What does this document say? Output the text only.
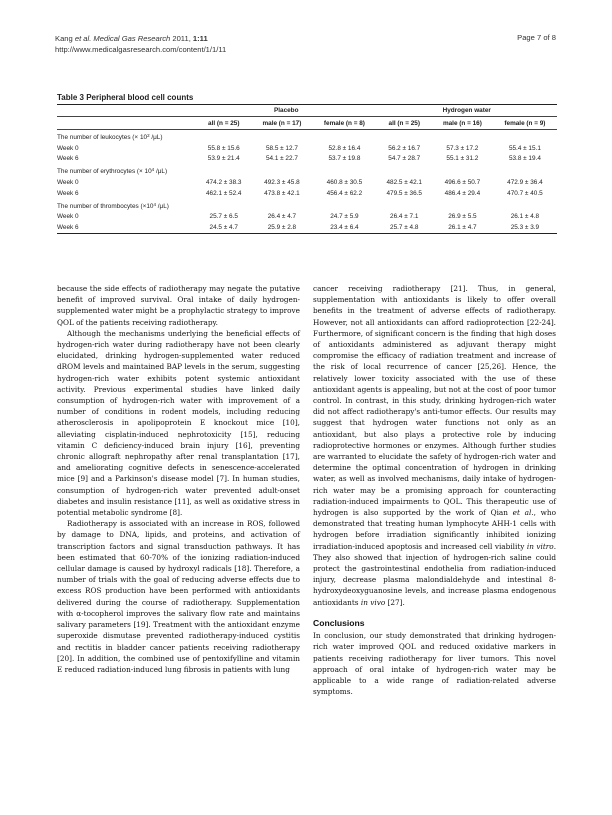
Kang et al. Medical Gas Research 2011, 1:11
http://www.medicalgasresearch.com/content/1/1/11
Page 7 of 8
Table 3 Peripheral blood cell counts
	Placebo			Hydrogen water		
	all (n = 25)	male (n = 17)	female (n = 8)	all (n = 25)	male (n = 16)	female (n = 9)
The number of leukocytes (× $10^2$ /μL)						
Week 0	55.8 ± 15.6	58.5 ± 12.7	52.8 ± 16.4	56.2 ± 16.7	57.3 ± 17.2	55.4 ± 15.1
Week 6	53.9 ± 21.4	54.1 ± 22.7	53.7 ± 19.8	54.7 ± 28.7	55.1 ± 31.2	53.8 ± 19.4
The number of erythrocytes (× $10^4$ /μL)						
Week 0	474.2 ± 38.3	492.3 ± 45.8	460.8 ± 30.5	482.5 ± 42.1	496.6 ± 50.7	472.9 ± 36.4
Week 6	462.1 ± 52.4	473.8 ± 42.1	456.4 ± 62.2	479.5 ± 36.5	486.4 ± 29.4	470.7 ± 40.5
The number of thrombocytes ($\times 10^4$ /μL)						
Week 0	25.7 ± 6.5	26.4 ± 4.7	24.7 ± 5.9	26.4 ± 7.1	26.9 ± 5.5	26.1 ± 4.8
Week 6	24.5 ± 4.7	25.9 ± 2.8	23.4 ± 6.4	25.7 ± 4.8	26.1 ± 4.7	25.3 ± 3.9

because the side effects of radiotherapy may negate the putative benefit of improved survival. Oral intake of daily hydrogen-supplemented water might be a prophylactic strategy to improve QOL of the patients receiving radiotherapy.

Although the mechanisms underlying the beneficial effects of hydrogen-rich water during radiotherapy have not been clearly elucidated, drinking hydrogen-supplemented water reduced dROM levels and maintained BAP levels in the serum, suggesting hydrogen-rich water exhibits potent systemic antioxidant activity. Previous experimental studies have linked daily consumption of hydrogen-rich water with improvement of a number of conditions in rodent models, including reducing atherosclerosis in apolipoprotein E knockout mice [10], alleviating cisplatin-induced nephrotoxicity [15], reducing vitamin C deficiency-induced brain injury [16], preventing chronic allograft nephropathy after renal transplantation [17], and ameliorating cognitive defects in senescence-accelerated mice [9] and a Parkinson's disease model [7]. In human studies, consumption of hydrogen-rich water prevented adult-onset diabetes and insulin resistance [11], as well as oxidative stress in potential metabolic syndrome [8].

Radiotherapy is associated with an increase in ROS, followed by damage to DNA, lipids, and proteins, and activation of transcription factors and signal transduction pathways. It has been estimated that 60-70% of the ionizing radiation-induced cellular damage is caused by hydroxyl radicals [18]. Therefore, a number of trials with the goal of reducing adverse effects due to excess ROS production have been performed with antioxidants delivered during the course of radiotherapy. Supplementation with α-tocopherol improves the salivary flow rate and maintains salivary parameters [19]. Treatment with the antioxidant enzyme superoxide dismutase prevented radiotherapy-induced cystitis and rectitis in bladder cancer patients receiving radiotherapy [20]. In addition, the combined use of pentoxifylline and vitamin E reduced radiation-induced lung fibrosis in patients with lung

cancer receiving radiotherapy [21]. Thus, in general, supplementation with antioxidants is likely to offer overall benefits in the treatment of adverse effects of radiotherapy. However, not all antioxidants can afford radioprotection [22-24]. Furthermore, of significant concern is the finding that high doses of antioxidants administered as adjuvant therapy might compromise the efficacy of radiation treatment and increase of the risk of local recurrence of cancer [25,26]. Hence, the relatively lower toxicity associated with the use of these antioxidant agents is appealing, but not at the cost of poor tumor control. In contrast, in this study, drinking hydrogen-rich water did not affect radiotherapy's anti-tumor effects. Our results may suggest that hydrogen water functions not only as an antioxidant, but also plays a protective role by inducing radioprotective hormones or enzymes. Although further studies are warranted to elucidate the safety of hydrogen-rich water and determine the optimal concentration of hydrogen in drinking water, as well as involved mechanisms, daily intake of hydrogen-rich water may be a promising approach for counteracting radiation-induced impairments to QOL. This therapeutic use of hydrogen is also supported by the work of Qian et al., who demonstrated that treating human lymphocyte AHH-1 cells with hydrogen before irradiation significantly inhibited ionizing irradiation-induced apoptosis and increased cell viability in vitro. They also showed that injection of hydrogen-rich saline could protect the gastrointestinal endothelia from radiation-induced injury, decrease plasma malondialdehyde and intestinal 8-hydroxydeoxyguanosine levels, and increase plasma endogenous antioxidants in vivo [27].

Conclusions

In conclusion, our study demonstrated that drinking hydrogen-rich water improved QOL and reduced oxidative markers in patients receiving radiotherapy for liver tumors. This novel approach of oral intake of hydrogen-rich water may be applicable to a wide range of radiation-related adverse symptoms.
